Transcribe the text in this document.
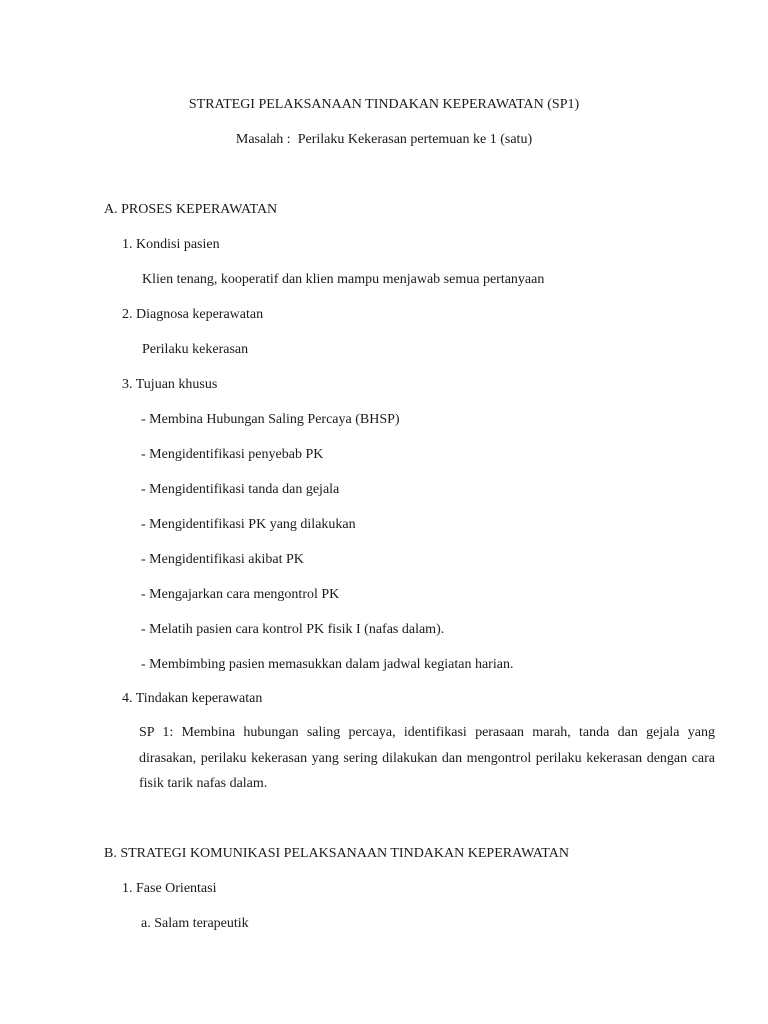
STRATEGI PELAKSANAAN TINDAKAN KEPERAWATAN (SP1)
Masalah : Perilaku Kekerasan pertemuan ke 1 (satu)
A. PROSES KEPERAWATAN
1. Kondisi pasien
Klien tenang, kooperatif dan klien mampu menjawab semua pertanyaan
2. Diagnosa keperawatan
Perilaku kekerasan
3. Tujuan khusus
- Membina Hubungan Saling Percaya (BHSP)
- Mengidentifikasi penyebab PK
- Mengidentifikasi tanda dan gejala
- Mengidentifikasi PK yang dilakukan
- Mengidentifikasi akibat PK
- Mengajarkan cara mengontrol PK
- Melatih pasien cara kontrol PK fisik I (nafas dalam).
- Membimbing pasien memasukkan dalam jadwal kegiatan harian.
4. Tindakan keperawatan
SP 1: Membina hubungan saling percaya, identifikasi perasaan marah, tanda dan gejala yang dirasakan, perilaku kekerasan yang sering dilakukan dan mengontrol perilaku kekerasan dengan cara fisik tarik nafas dalam.
B. STRATEGI KOMUNIKASI PELAKSANAAN TINDAKAN KEPERAWATAN
1. Fase Orientasi
a. Salam terapeutik
